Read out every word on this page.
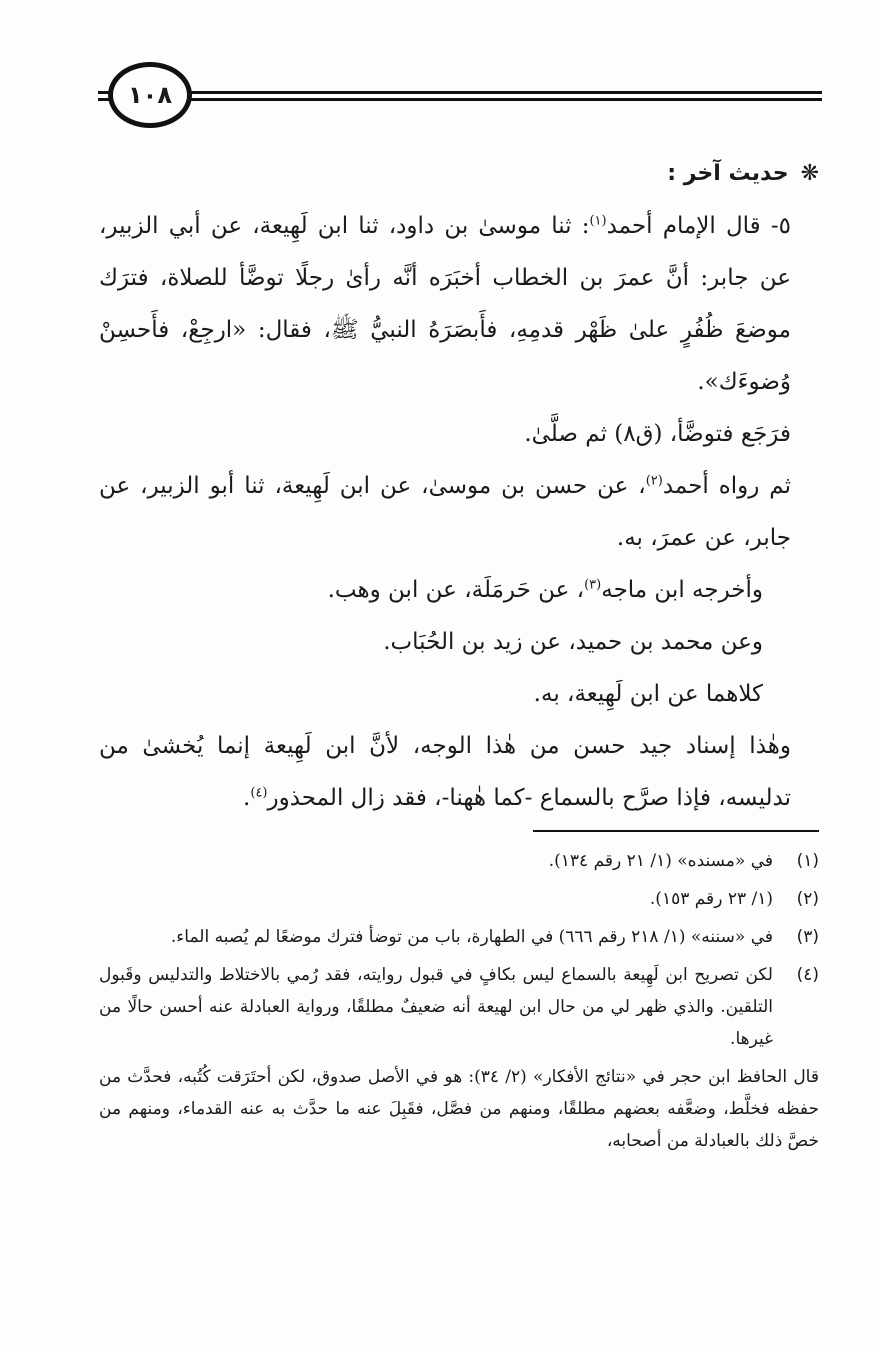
١٠٨

❋حديث آخر :

٥- قال الإمام أحمد$^{(١)}$: ثنا موسىٰ بن داود، ثنا ابن لَهِيعة، عن أبي الزبير، عن جابر: أنَّ عمرَ بن الخطاب أخبَرَه أنَّه رأىٰ رجلًا توضَّأ للصلاة، فترَك موضعَ ظُفُرٍ علىٰ ظَهْر قدمِهِ، فأَبصَرَهُ النبيُّ ﷺ، فقال: «ارجِعْ، فأَحسِنْ وُضوءَك».

فرَجَع فتوضَّأ، (ق٨) ثم صلَّىٰ.

ثم رواه أحمد$^{(٢)}$، عن حسن بن موسىٰ، عن ابن لَهِيعة، ثنا أبو الزبير، عن جابر، عن عمرَ، به.

وأخرجه ابن ماجه$^{(٣)}$، عن حَرمَلَة، عن ابن وهب.

وعن محمد بن حميد، عن زيد بن الحُبَاب.

كلاهما عن ابن لَهِيعة، به.

وهٰذا إسناد جيد حسن من هٰذا الوجه، لأنَّ ابن لَهِيعة إنما يُخشىٰ من تدليسه، فإذا صرَّح بالسماع -كما هٰهنا-، فقد زال المحذور$^{(٤)}$.

(١)
في «مسنده» (١/ ٢١ رقم ١٣٤).
(٢)
(١/ ٢٣ رقم ١٥٣).
(٣)
في «سننه» (١/ ٢١٨ رقم ٦٦٦) في الطهارة، باب من توضأ فترك موضعًا لم يُصبه الماء.
(٤)
لكن تصريح ابن لَهِيعة بالسماع ليس بكافٍ في قبول روايته، فقد رُمي بالاختلاط والتدليس وقَبول التلقين. والذي ظهر لي من حال ابن لهيعة أنه ضعيفٌ مطلقًا، ورواية العبادلة عنه أحسن حالًا من غيرها.
قال الحافظ ابن حجر في «نتائج الأفكار» (٢/ ٣٤): هو في الأصل صدوق، لكن أحتَرَقت كُتُبه، فحدَّث من حفظه فخلَّط، وضعَّفه بعضهم مطلقًا، ومنهم من فصَّل، فقَبِلَ عنه ما حدَّث به عنه القدماء، ومنهم من خصَّ ذلك بالعبادلة من أصحابه،
